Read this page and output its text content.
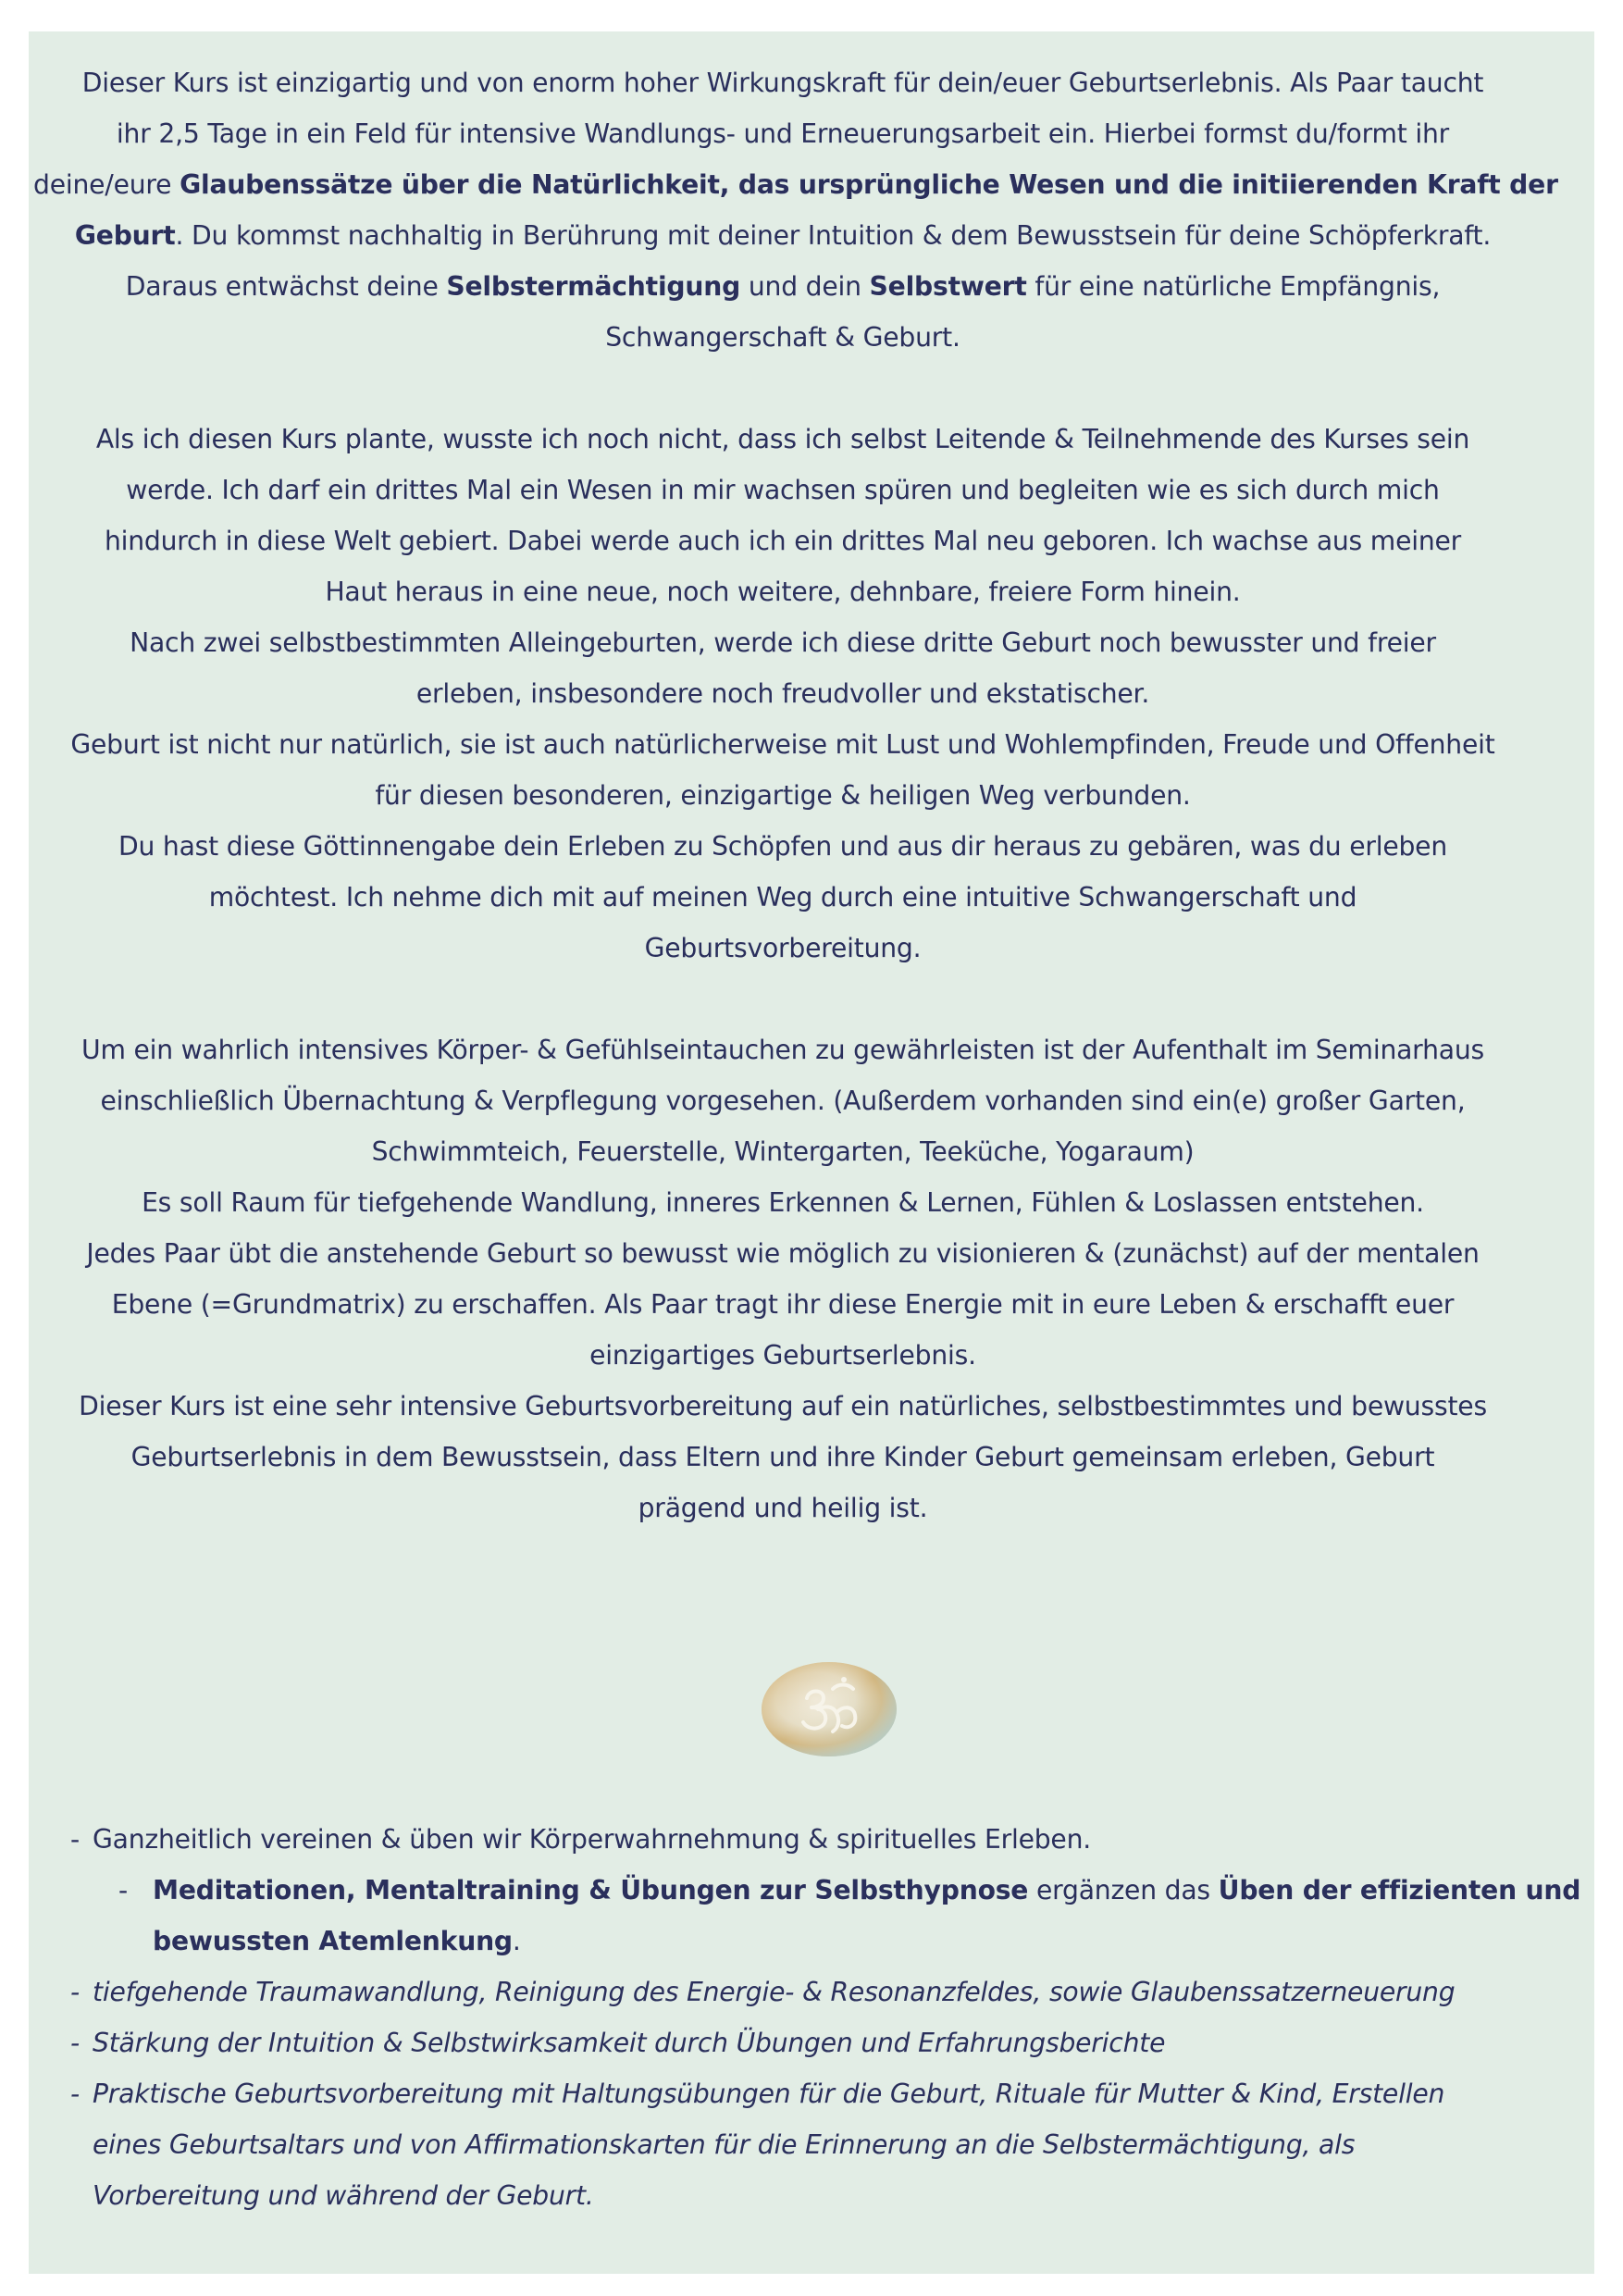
Dieser Kurs ist einzigartig und von enorm hoher Wirkungskraft für dein/euer Geburtserlebnis. Als Paar taucht
ihr 2,5 Tage in ein Feld für intensive Wandlungs- und Erneuerungsarbeit ein. Hierbei formst du/formt ihr
deine/eure Glaubenssätze über die Natürlichkeit, das ursprüngliche Wesen und die initiierenden Kraft der
Geburt. Du kommst nachhaltig in Berührung mit deiner Intuition & dem Bewusstsein für deine Schöpferkraft.
Daraus entwächst deine Selbstermächtigung und dein Selbstwert für eine natürliche Empfängnis,
Schwangerschaft & Geburt.

Als ich diesen Kurs plante, wusste ich noch nicht, dass ich selbst Leitende & Teilnehmende des Kurses sein
werde. Ich darf ein drittes Mal ein Wesen in mir wachsen spüren und begleiten wie es sich durch mich
hindurch in diese Welt gebiert. Dabei werde auch ich ein drittes Mal neu geboren. Ich wachse aus meiner
Haut heraus in eine neue, noch weitere, dehnbare, freiere Form hinein.
Nach zwei selbstbestimmten Alleingeburten, werde ich diese dritte Geburt noch bewusster und freier
erleben, insbesondere noch freudvoller und ekstatischer.
Geburt ist nicht nur natürlich, sie ist auch natürlicherweise mit Lust und Wohlempfinden, Freude und Offenheit
für diesen besonderen, einzigartige & heiligen Weg verbunden.
Du hast diese Göttinnengabe dein Erleben zu Schöpfen und aus dir heraus zu gebären, was du erleben
möchtest. Ich nehme dich mit auf meinen Weg durch eine intuitive Schwangerschaft und
Geburtsvorbereitung.

Um ein wahrlich intensives Körper- & Gefühlseintauchen zu gewährleisten ist der Aufenthalt im Seminarhaus
einschließlich Übernachtung & Verpflegung vorgesehen. (Außerdem vorhanden sind ein(e) großer Garten,
Schwimmteich, Feuerstelle, Wintergarten, Teeküche, Yogaraum)
Es soll Raum für tiefgehende Wandlung, inneres Erkennen & Lernen, Fühlen & Loslassen entstehen.
Jedes Paar übt die anstehende Geburt so bewusst wie möglich zu visionieren & (zunächst) auf der mentalen
Ebene (=Grundmatrix) zu erschaffen. Als Paar tragt ihr diese Energie mit in eure Leben & erschafft euer
einzigartiges Geburtserlebnis.
Dieser Kurs ist eine sehr intensive Geburtsvorbereitung auf ein natürliches, selbstbestimmtes und bewusstes
Geburtserlebnis in dem Bewusstsein, dass Eltern und ihre Kinder Geburt gemeinsam erleben, Geburt
prägend und heilig ist.

- Ganzheitlich vereinen & üben wir Körperwahrnehmung & spirituelles Erleben.
- Meditationen, Mentaltraining & Übungen zur Selbsthypnose ergänzen das Üben der effizienten und
bewussten Atemlenkung.
- tiefgehende Traumawandlung, Reinigung des Energie- & Resonanzfeldes, sowie Glaubenssatzerneuerung
- Stärkung der Intuition & Selbstwirksamkeit durch Übungen und Erfahrungsberichte
- Praktische Geburtsvorbereitung mit Haltungsübungen für die Geburt, Rituale für Mutter & Kind, Erstellen
eines Geburtsaltars und von Affirmationskarten für die Erinnerung an die Selbstermächtigung, als
Vorbereitung und während der Geburt.
